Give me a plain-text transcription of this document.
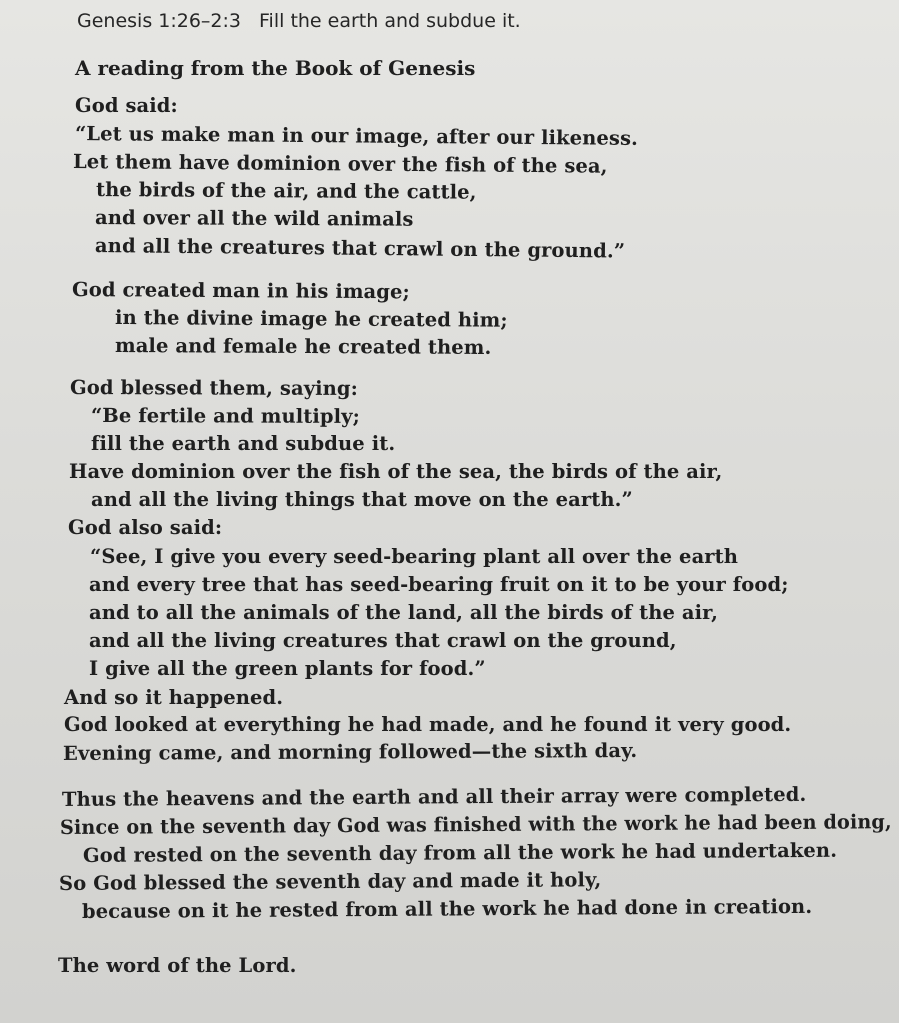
Genesis 1:26–2:3 Fill the earth and subdue it.
A reading from the Book of Genesis
God said:
“Let us make man in our image, after our likeness.
Let them have dominion over the fish of the sea,
the birds of the air, and the cattle,
and over all the wild animals
and all the creatures that crawl on the ground.”
God created man in his image;
in the divine image he created him;
male and female he created them.
God blessed them, saying:
“Be fertile and multiply;
fill the earth and subdue it.
Have dominion over the fish of the sea, the birds of the air,
and all the living things that move on the earth.”
God also said:
“See, I give you every seed-bearing plant all over the earth
and every tree that has seed-bearing fruit on it to be your food;
and to all the animals of the land, all the birds of the air,
and all the living creatures that crawl on the ground,
I give all the green plants for food.”
And so it happened.
God looked at everything he had made, and he found it very good.
Evening came, and morning followed—the sixth day.
Thus the heavens and the earth and all their array were completed.
Since on the seventh day God was finished with the work he had been doing,
God rested on the seventh day from all the work he had undertaken.
So God blessed the seventh day and made it holy,
because on it he rested from all the work he had done in creation.
The word of the Lord.
